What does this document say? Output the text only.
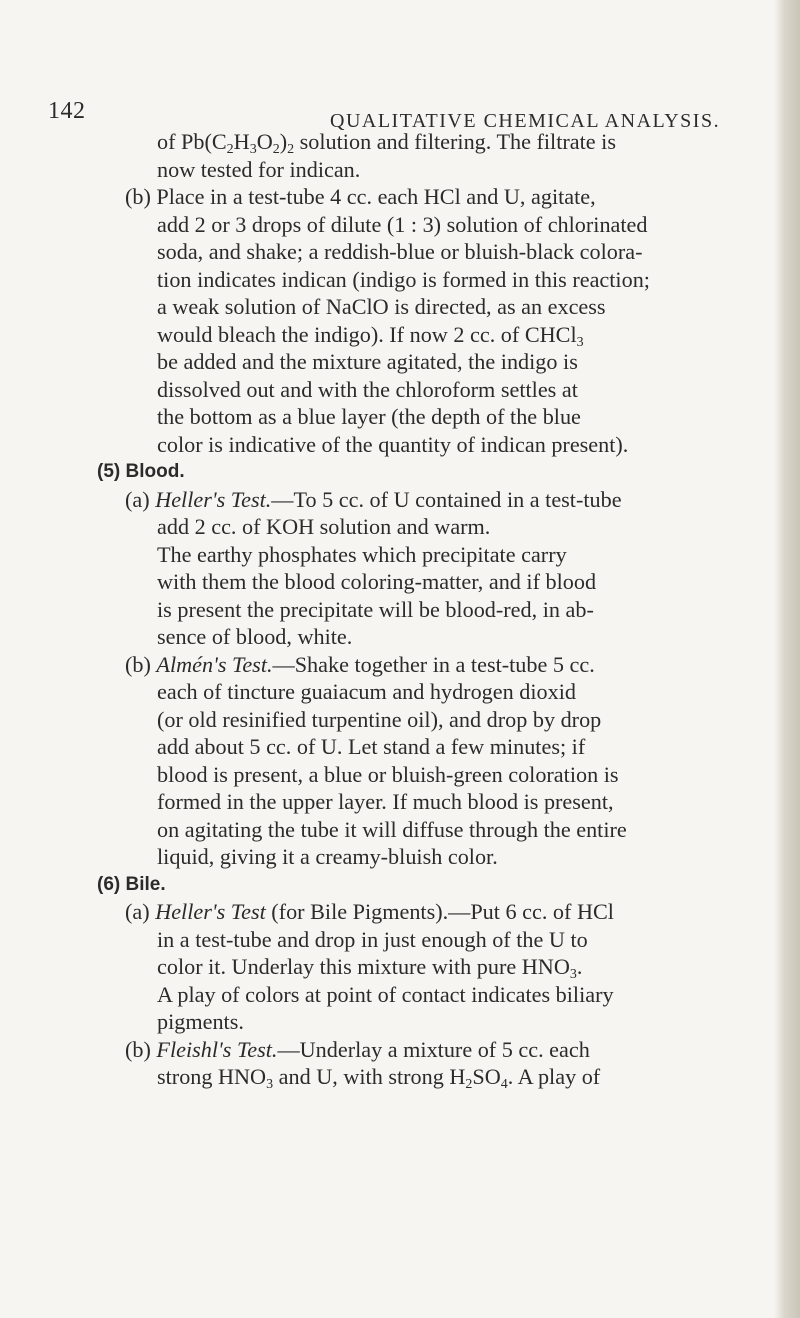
142	QUALITATIVE CHEMICAL ANALYSIS.
of $Pb(C_2H_3O_2)_2$ solution and filtering. The filtrate is
now tested for indican.
(b) Place in a test-tube 4 cc. each HCl and U, agitate,
add 2 or 3 drops of dilute (1 : 3) solution of chlorinated
soda, and shake; a reddish-blue or bluish-black colora-
tion indicates indican (indigo is formed in this reaction;
a weak solution of NaClO is directed, as an excess
would bleach the indigo). If now 2 cc. of CHCl$_3$
be added and the mixture agitated, the indigo is
dissolved out and with the chloroform settles at
the bottom as a blue layer (the depth of the blue
color is indicative of the quantity of indican present).
(5) Blood.
(a) Heller's Test.—To 5 cc. of U contained in a test-tube
add 2 cc. of KOH solution and warm.
The earthy phosphates which precipitate carry
with them the blood coloring-matter, and if blood
is present the precipitate will be blood-red, in ab-
sence of blood, white.
(b) Almén's Test.—Shake together in a test-tube 5 cc.
each of tincture guaiacum and hydrogen dioxid
(or old resinified turpentine oil), and drop by drop
add about 5 cc. of U. Let stand a few minutes; if
blood is present, a blue or bluish-green coloration is
formed in the upper layer. If much blood is present,
on agitating the tube it will diffuse through the entire
liquid, giving it a creamy-bluish color.
(6) Bile.
(a) Heller's Test (for Bile Pigments).—Put 6 cc. of HCl
in a test-tube and drop in just enough of the U to
color it. Underlay this mixture with pure $HNO_3$.
A play of colors at point of contact indicates biliary
pigments.
(b) Fleishl's Test.—Underlay a mixture of 5 cc. each
strong $HNO_3$ and U, with strong $H_2SO_4$. A play of
